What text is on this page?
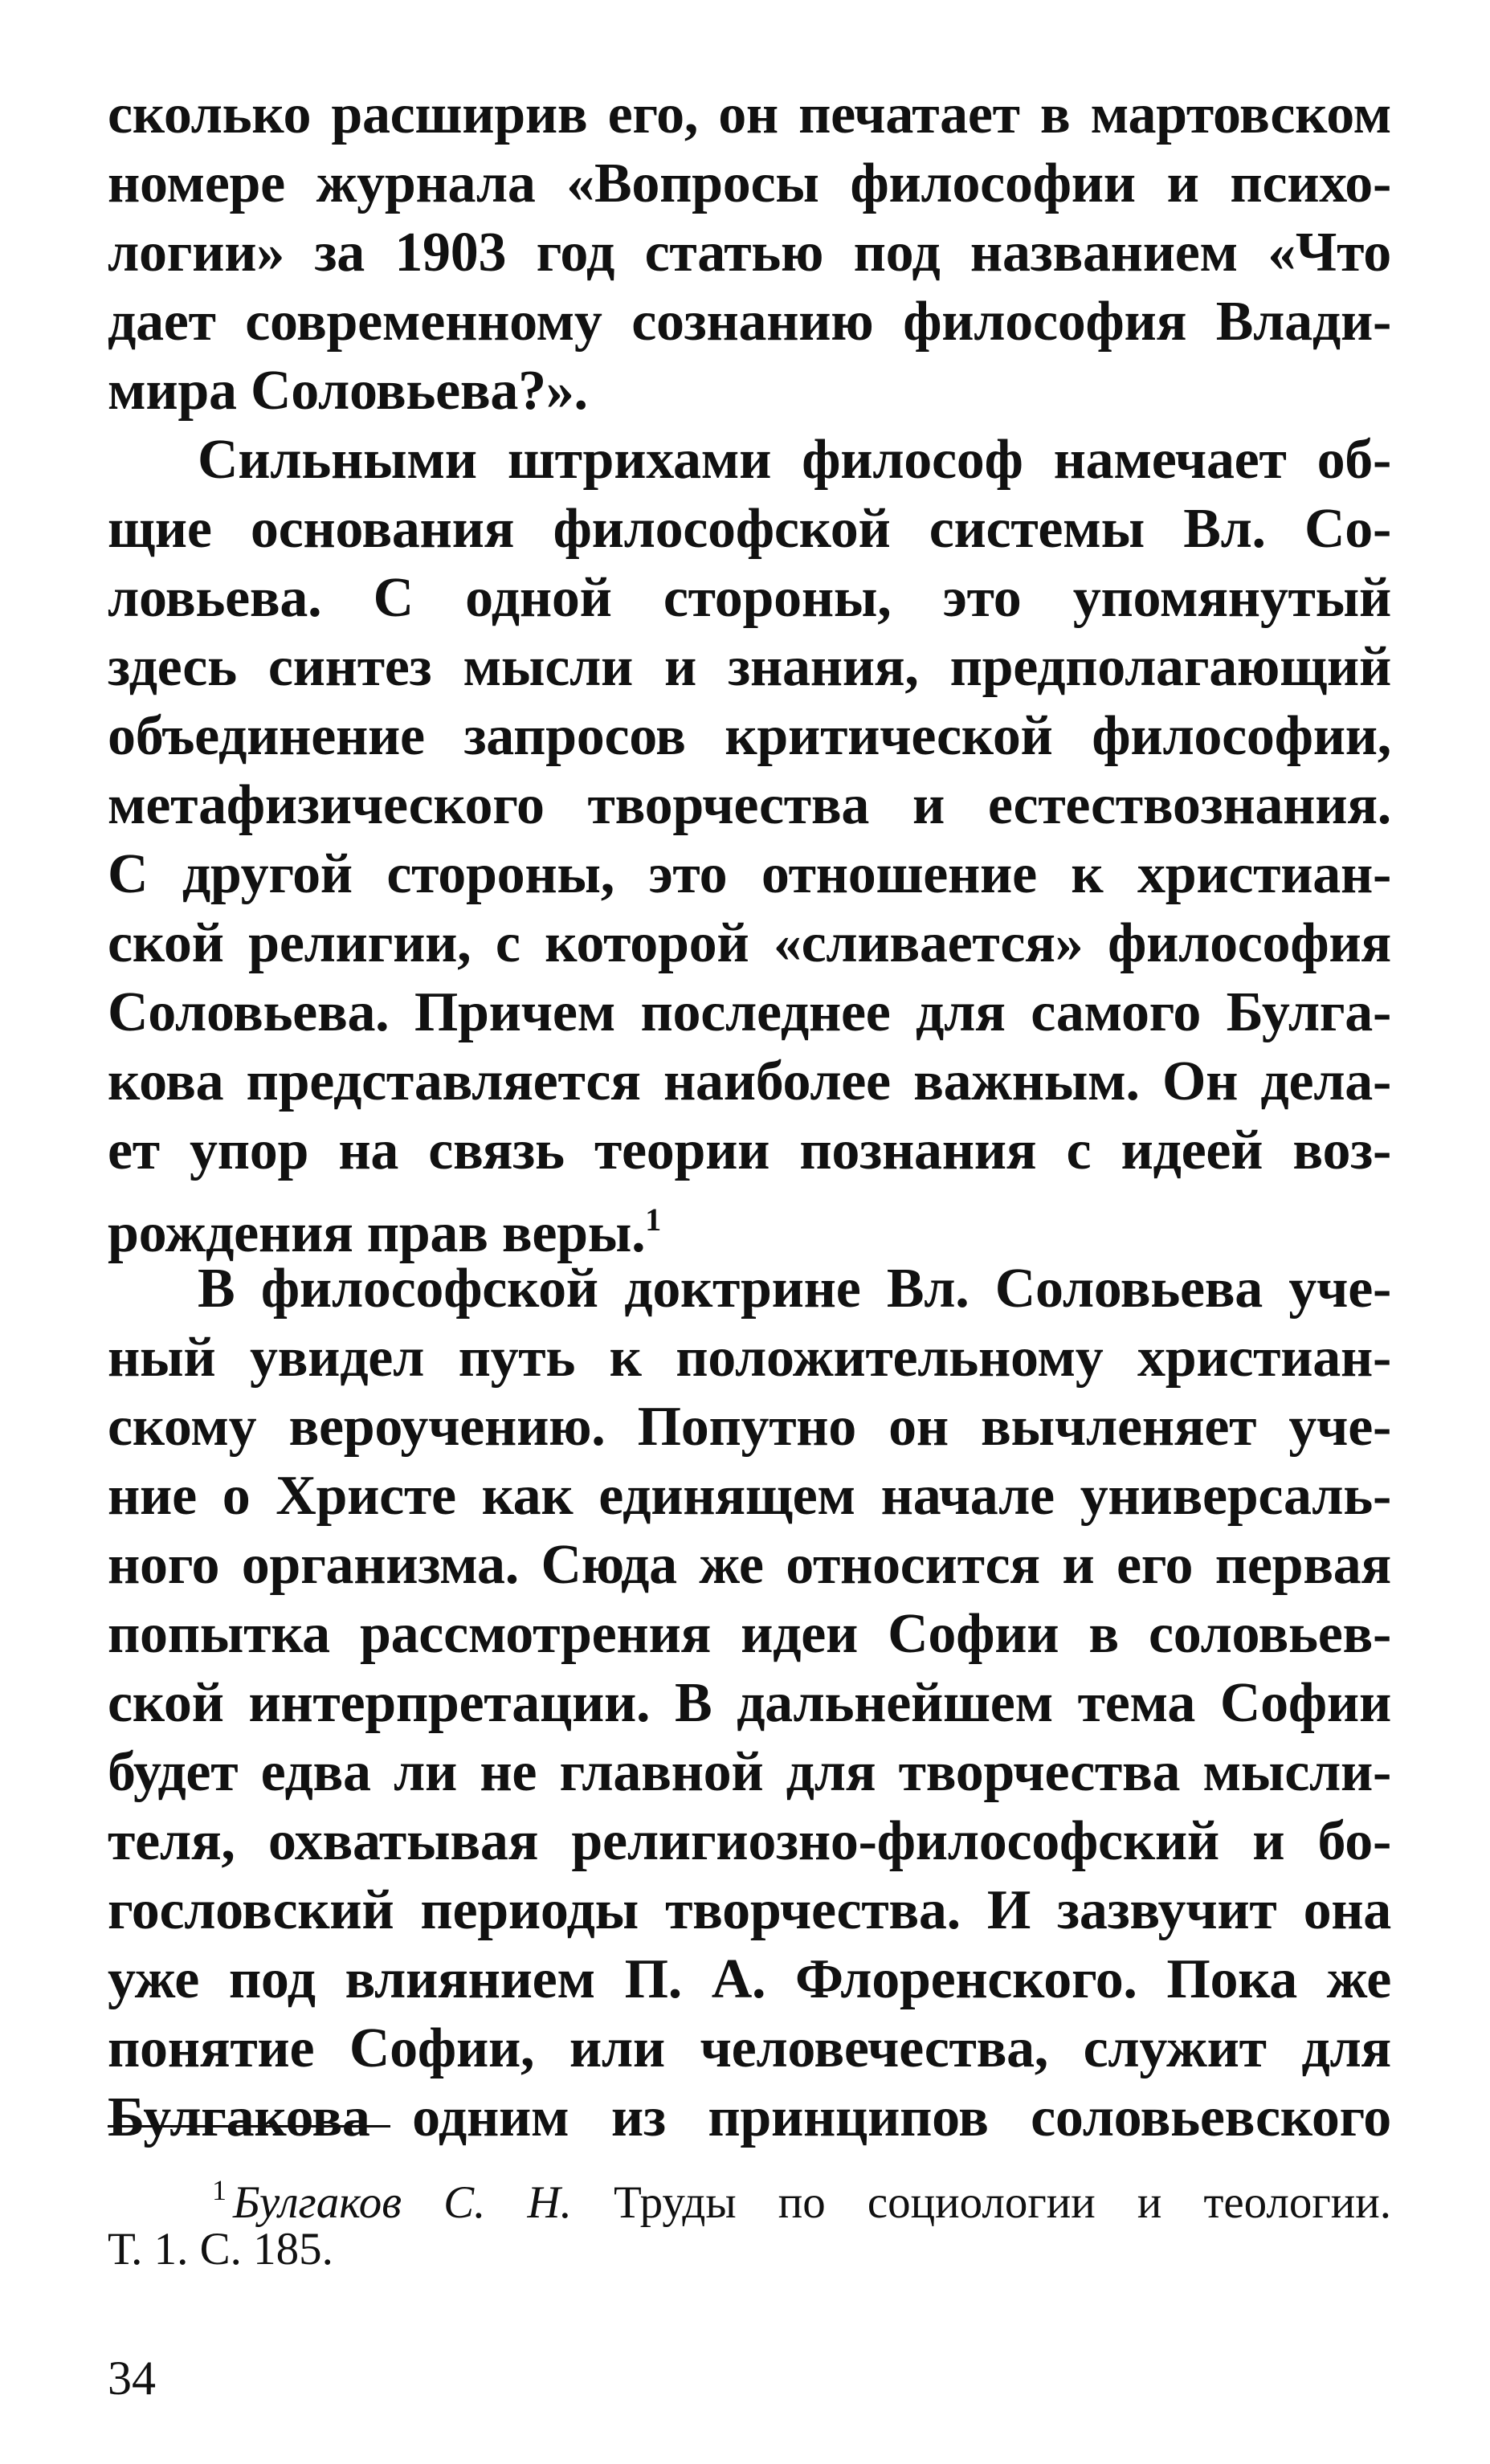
сколько расширив его, он печатает в мартовском
номере журнала «Вопросы философии и психо-
логии» за 1903 год статью под названием «Что
дает современному сознанию философия Влади-
мира Соловьева?».
Сильными штрихами философ намечает об-
щие основания философской системы Вл. Со-
ловьева. С одной стороны, это упомянутый
здесь синтез мысли и знания, предполагающий
объединение запросов критической философии,
метафизического творчества и естествознания.
С другой стороны, это отношение к христиан-
ской религии, с которой «сливается» философия
Соловьева. Причем последнее для самого Булга-
кова представляется наиболее важным. Он дела-
ет упор на связь теории познания с идеей воз-
рождения прав веры.$^1$
В философской доктрине Вл. Соловьева уче-
ный увидел путь к положительному христиан-
скому вероучению. Попутно он вычленяет уче-
ние о Христе как единящем начале универсаль-
ного организма. Сюда же относится и его первая
попытка рассмотрения идеи Софии в соловьев-
ской интерпретации. В дальнейшем тема Софии
будет едва ли не главной для творчества мысли-
теля, охватывая религиозно-философский и бо-
гословский периоды творчества. И зазвучит она
уже под влиянием П. А. Флоренского. Пока же
понятие Софии, или человечества, служит для
Булгакова одним из принципов соловьевского
$^1$ Булгаков С. Н. Труды по социологии и теологии.
Т. 1. С. 185.
34
